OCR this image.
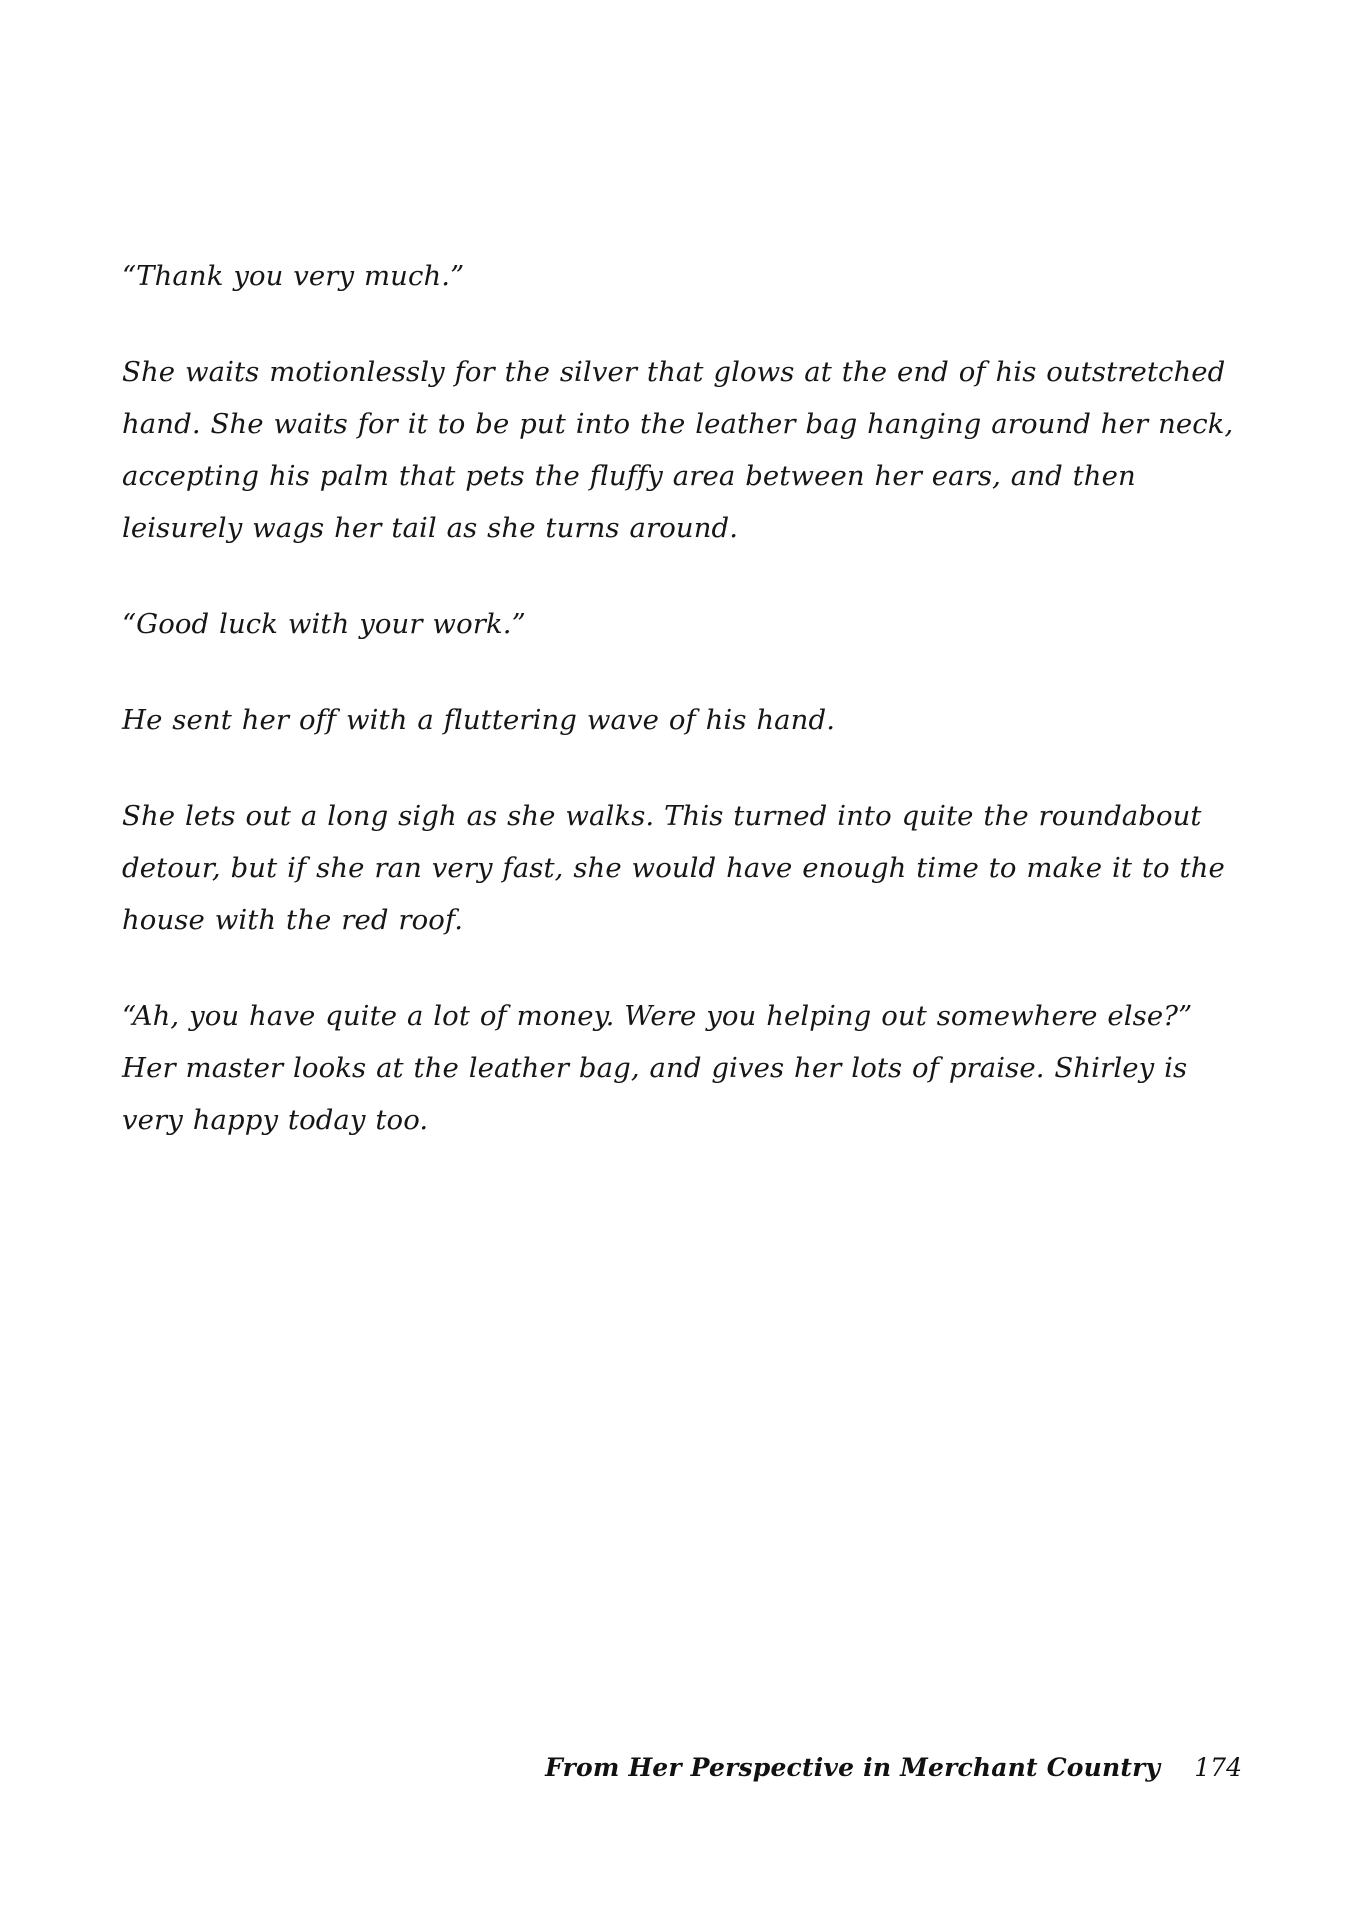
“Thank you very much.”

She waits motionlessly for the silver that glows at the end of his outstretched hand. She waits for it to be put into the leather bag hanging around her neck, accepting his palm that pets the fluffy area between her ears, and then leisurely wags her tail as she turns around.

“Good luck with your work.”

He sent her off with a fluttering wave of his hand.

She lets out a long sigh as she walks. This turned into quite the roundabout detour, but if she ran very fast, she would have enough time to make it to the house with the red roof.

“Ah, you have quite a lot of money. Were you helping out somewhere else?” Her master looks at the leather bag, and gives her lots of praise. Shirley is very happy today too.

From Her Perspective in Merchant Country 174
